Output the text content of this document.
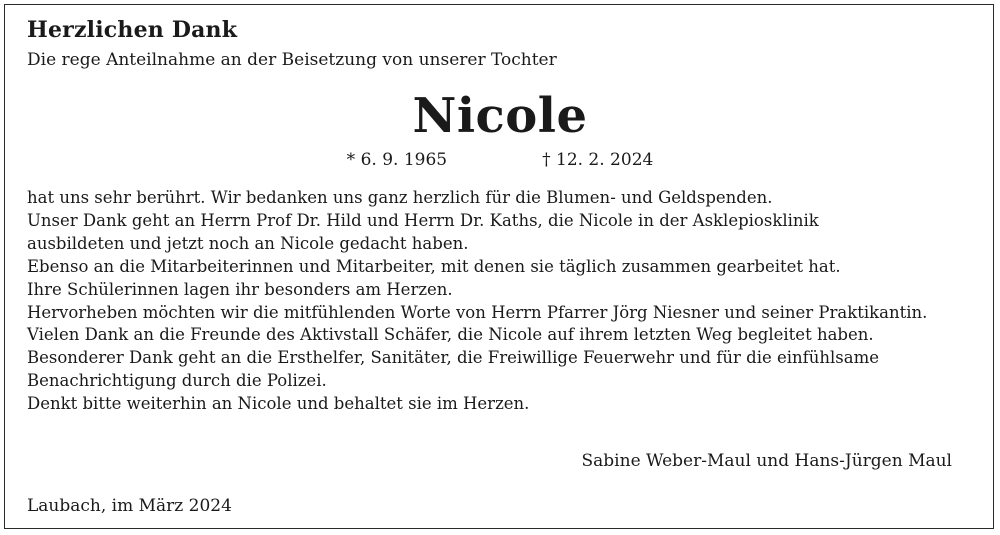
Herzlichen Dank
Die rege Anteilnahme an der Beisetzung von unserer Tochter
Nicole
* 6. 9. 1965	† 12. 2. 2024

hat uns sehr berührt. Wir bedanken uns ganz herzlich für die Blumen- und Geldspenden.

Unser Dank geht an Herrn Prof Dr. Hild und Herrn Dr. Kaths, die Nicole in der Asklepiosklinik

ausbildeten und jetzt noch an Nicole gedacht haben.

Ebenso an die Mitarbeiterinnen und Mitarbeiter, mit denen sie täglich zusammen gearbeitet hat.

Ihre Schülerinnen lagen ihr besonders am Herzen.

Hervorheben möchten wir die mitfühlenden Worte von Herrn Pfarrer Jörg Niesner und seiner Praktikantin.

Vielen Dank an die Freunde des Aktivstall Schäfer, die Nicole auf ihrem letzten Weg begleitet haben.

Besonderer Dank geht an die Ersthelfer, Sanitäter, die Freiwillige Feuerwehr und für die einfühlsame

Benachrichtigung durch die Polizei.

Denkt bitte weiterhin an Nicole und behaltet sie im Herzen.

Sabine Weber-Maul und Hans-Jürgen Maul
Laubach, im März 2024
